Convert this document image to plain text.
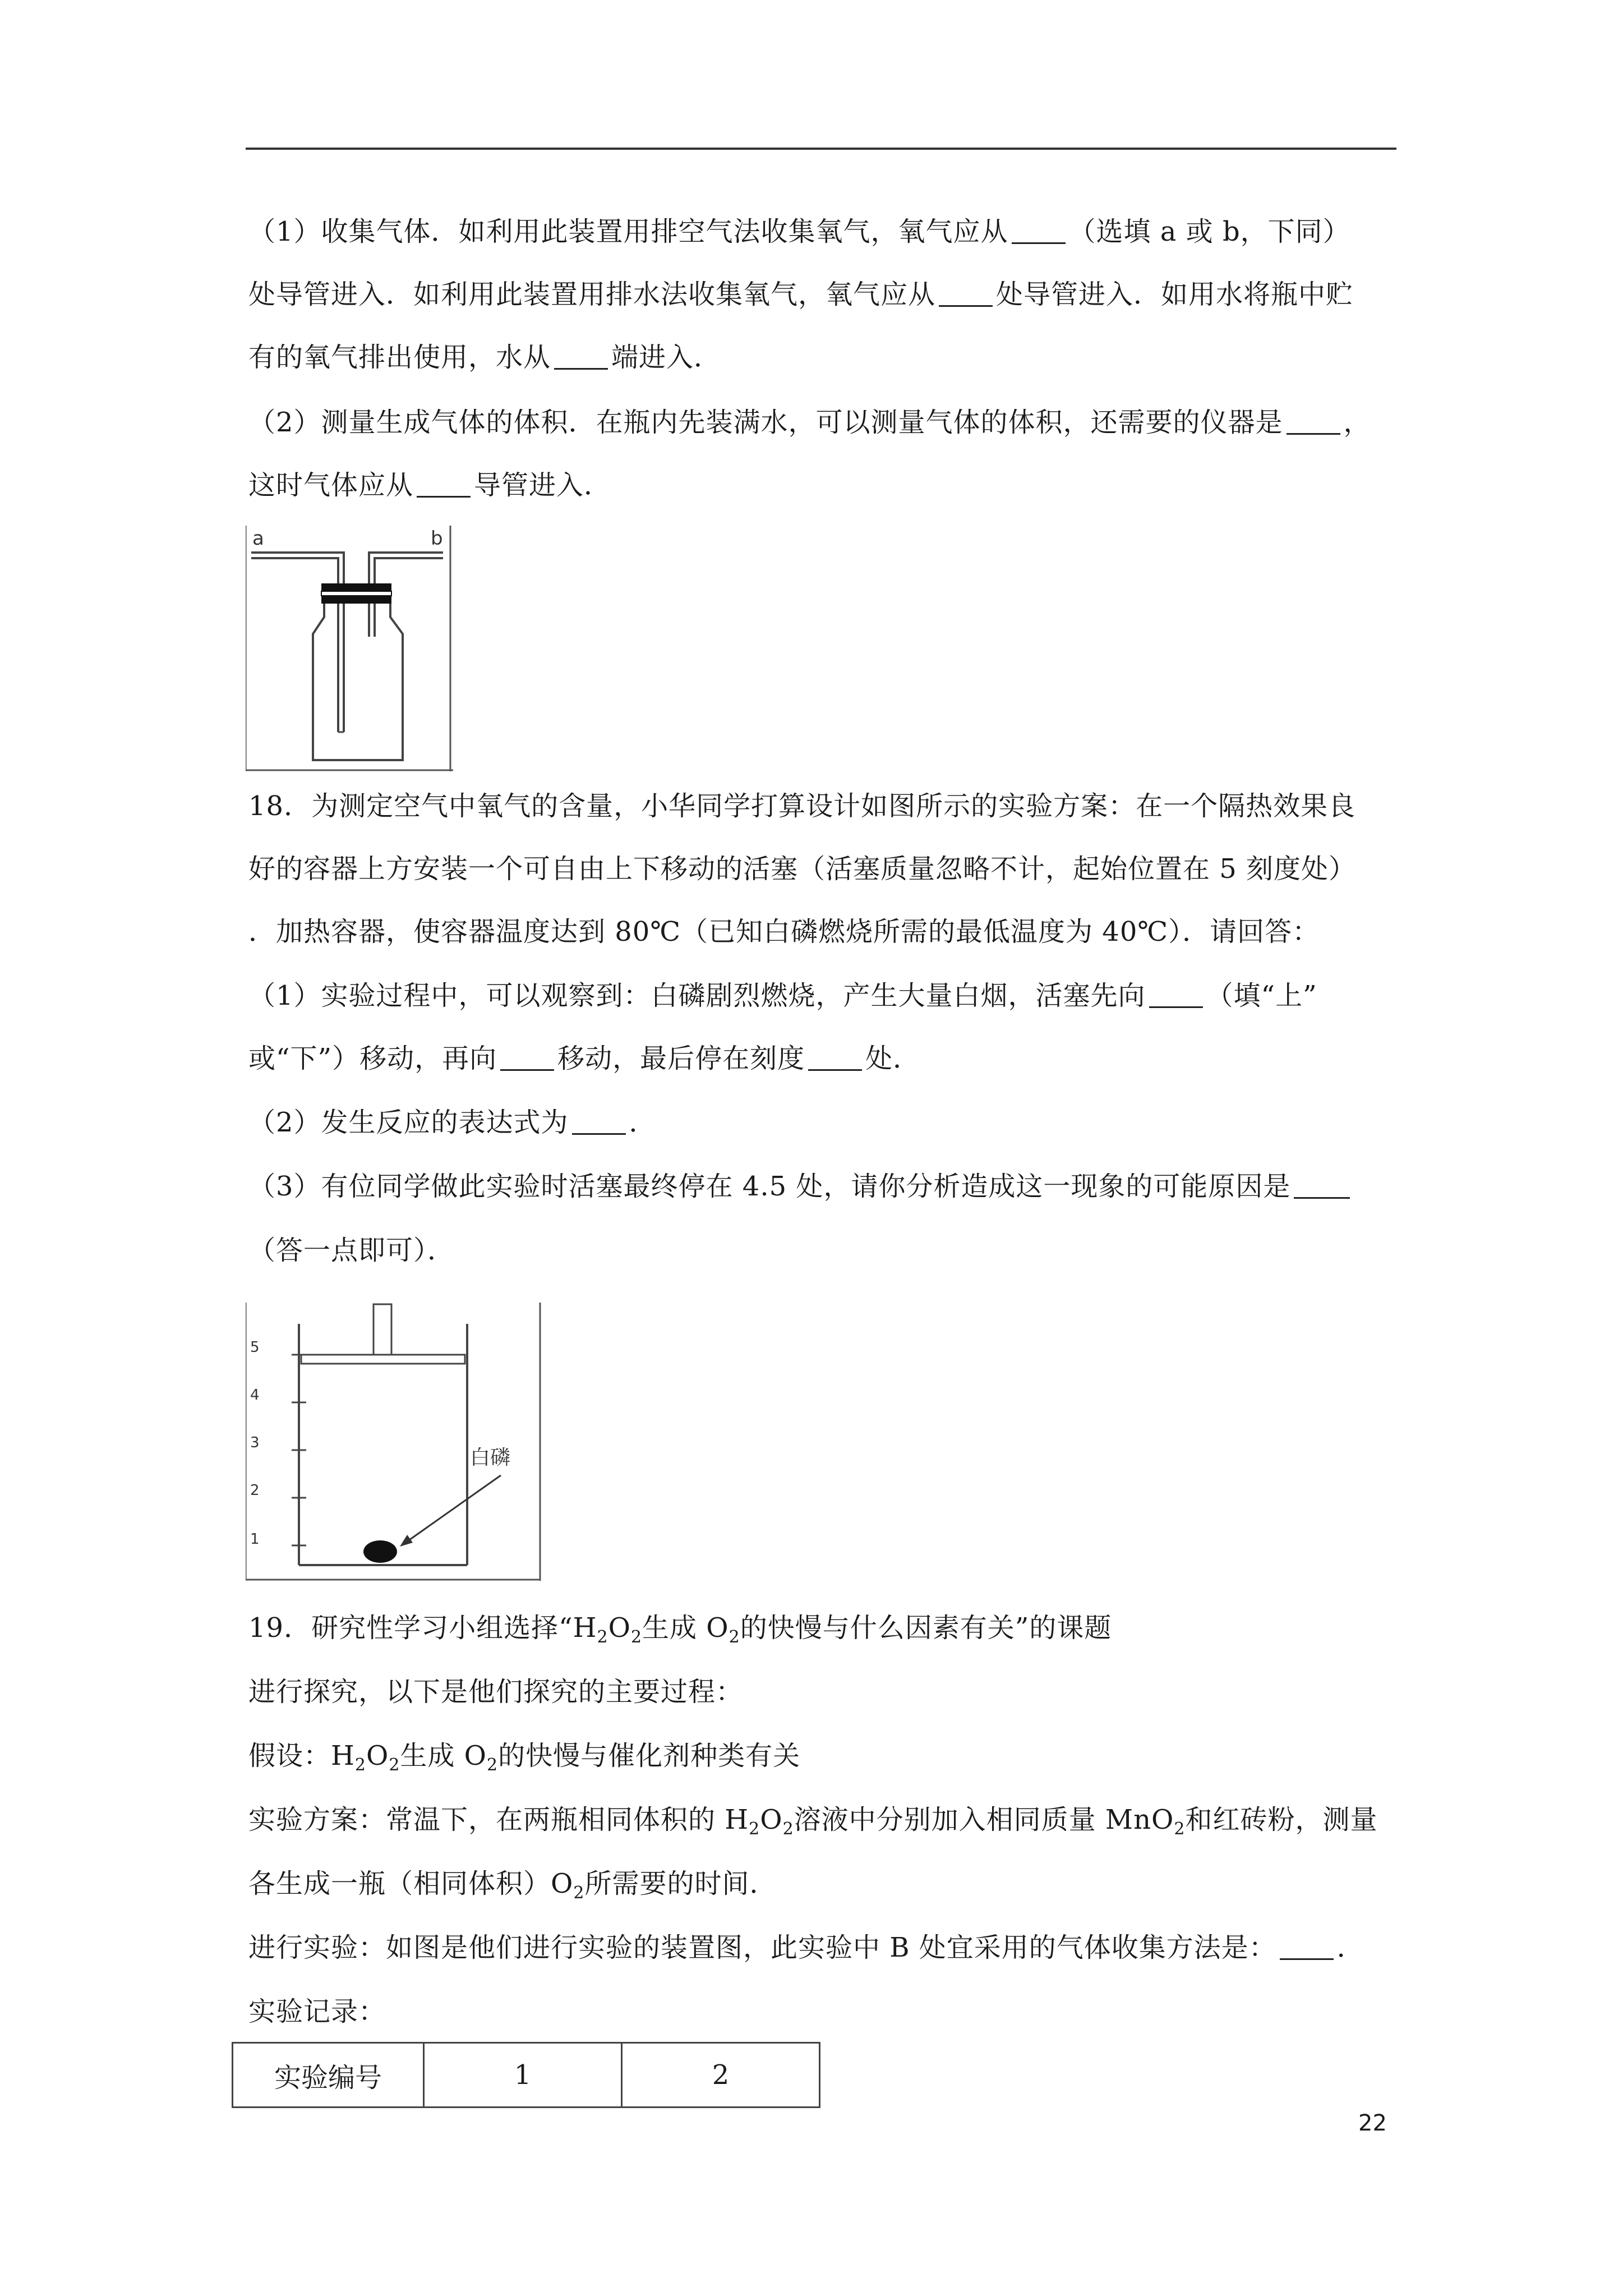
（1）收集气体．如利用此装置用排空气法收集氧气，氧气应从 （选填 a 或 b，下同）
处导管进入．如利用此装置用排水法收集氧气，氧气应从 处导管进入．如用水将瓶中贮
有的氧气排出使用，水从 端进入．
（2）测量生成气体的体积．在瓶内先装满水，可以测量气体的体积，还需要的仪器是 ，
这时气体应从 导管进入．
a	b
18．为测定空气中氧气的含量，小华同学打算设计如图所示的实验方案：在一个隔热效果良
好的容器上方安装一个可自由上下移动的活塞（活塞质量忽略不计，起始位置在 5 刻度处）
．加热容器，使容器温度达到 80℃（已知白磷燃烧所需的最低温度为 40℃）．请回答：
（1）实验过程中，可以观察到：白磷剧烈燃烧，产生大量白烟，活塞先向 （填“上”
或“下”）移动，再向 移动，最后停在刻度 处．
（2）发生反应的表达式为 ．
（3）有位同学做此实验时活塞最终停在 4.5 处，请你分析造成这一现象的可能原因是
（答一点即可）．
5
4
3
2
1
白磷
19．研究性学习小组选择“$H_2O_2$生成 $O_2$的快慢与什么因素有关”的课题
进行探究，以下是他们探究的主要过程：
假设：$H_2O_2$生成 $O_2$的快慢与催化剂种类有关
实验方案：常温下，在两瓶相同体积的 $H_2O_2$溶液中分别加入相同质量 MnO$_2$和红砖粉，测量
各生成一瓶（相同体积）$O_2$所需要的时间．
进行实验：如图是他们进行实验的装置图，此实验中 B 处宜采用的气体收集方法是： ．
实验记录：
实验编号	1	2
22
